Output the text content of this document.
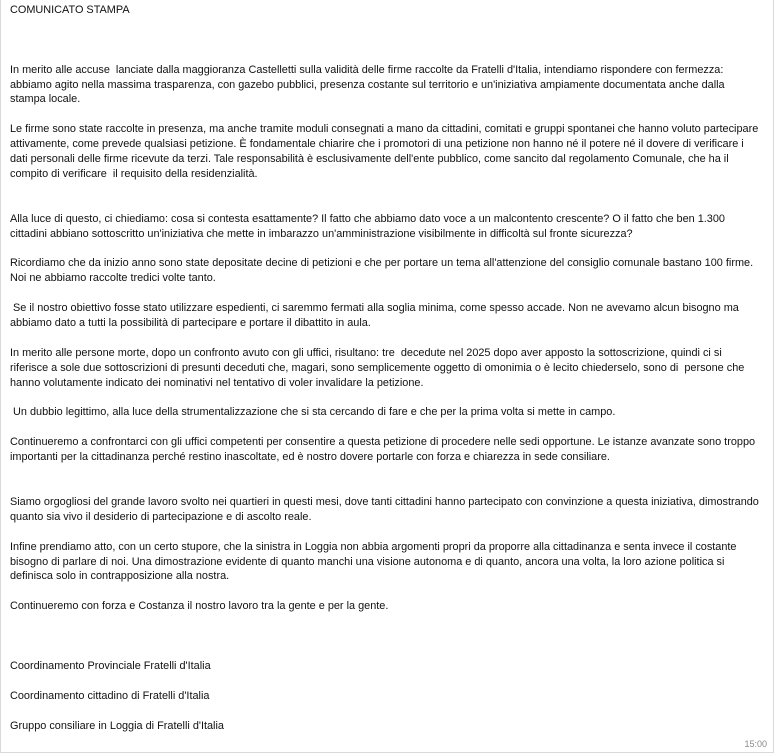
COMUNICATO STAMPA

In merito alle accuse  lanciate dalla maggioranza Castelletti sulla validità delle firme raccolte da Fratelli d'Italia, intendiamo rispondere con fermezza: abbiamo agito nella massima trasparenza, con gazebo pubblici, presenza costante sul territorio e un'iniziativa ampiamente documentata anche dalla stampa locale.

Le firme sono state raccolte in presenza, ma anche tramite moduli consegnati a mano da cittadini, comitati e gruppi spontanei che hanno voluto partecipare attivamente, come prevede qualsiasi petizione. È fondamentale chiarire che i promotori di una petizione non hanno né il potere né il dovere di verificare i dati personali delle firme ricevute da terzi. Tale responsabilità è esclusivamente dell'ente pubblico, come sancito dal regolamento Comunale, che ha il compito di verificare  il requisito della residenzialità.

Alla luce di questo, ci chiediamo: cosa si contesta esattamente? Il fatto che abbiamo dato voce a un malcontento crescente? O il fatto che ben 1.300 cittadini abbiano sottoscritto un'iniziativa che mette in imbarazzo un'amministrazione visibilmente in difficoltà sul fronte sicurezza?

Ricordiamo che da inizio anno sono state depositate decine di petizioni e che per portare un tema all'attenzione del consiglio comunale bastano 100 firme. Noi ne abbiamo raccolte tredici volte tanto.

Se il nostro obiettivo fosse stato utilizzare espedienti, ci saremmo fermati alla soglia minima, come spesso accade. Non ne avevamo alcun bisogno ma abbiamo dato a tutti la possibilità di partecipare e portare il dibattito in aula.

In merito alle persone morte, dopo un confronto avuto con gli uffici, risultano: tre  decedute nel 2025 dopo aver apposto la sottoscrizione, quindi ci si riferisce a sole due sottoscrizioni di presunti deceduti che, magari, sono semplicemente oggetto di omonimia o è lecito chiederselo, sono di  persone che hanno volutamente indicato dei nominativi nel tentativo di voler invalidare la petizione.

Un dubbio legittimo, alla luce della strumentalizzazione che si sta cercando di fare e che per la prima volta si mette in campo.

Continueremo a confrontarci con gli uffici competenti per consentire a questa petizione di procedere nelle sedi opportune. Le istanze avanzate sono troppo importanti per la cittadinanza perché restino inascoltate, ed è nostro dovere portarle con forza e chiarezza in sede consiliare.

Siamo orgogliosi del grande lavoro svolto nei quartieri in questi mesi, dove tanti cittadini hanno partecipato con convinzione a questa iniziativa, dimostrando quanto sia vivo il desiderio di partecipazione e di ascolto reale.

Infine prendiamo atto, con un certo stupore, che la sinistra in Loggia non abbia argomenti propri da proporre alla cittadinanza e senta invece il costante bisogno di parlare di noi. Una dimostrazione evidente di quanto manchi una visione autonoma e di quanto, ancora una volta, la loro azione politica si definisca solo in contrapposizione alla nostra.

Continueremo con forza e Costanza il nostro lavoro tra la gente e per la gente.

Coordinamento Provinciale Fratelli d'Italia

Coordinamento cittadino di Fratelli d'Italia

Gruppo consiliare in Loggia di Fratelli d'Italia

15:00
